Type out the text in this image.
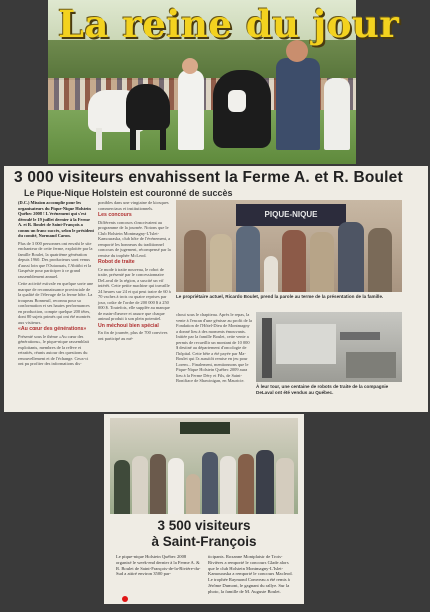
La reine du jour
3 000 visiteurs envahissent la Ferme A. et R. Boulet
Le Pique-Nique Holstein est couronné de succès

(D.C.) Mission accomplie pour les organisateurs du Pique-Nique Holstein Québec 2008 ! L'événement qui s'est déroulé le 19 juillet dernier à la Ferme A. et R. Boulet de Saint-François a connu un franc succès, selon le président du comité, Normand Caron.

Plus de 3 000 personnes ont envahi le site enchanteur de cette ferme, exploitée par la famille Boulet, la quatrième génération depuis 1960. Des producteurs sont venus d'aussi loin que l'Outaouais, l'Abitibi et la Gaspésie pour participer à ce grand rassemblement annuel.

Cette activité estivale en quelque sorte une marque de reconnaissance provinciale de la qualité de l'élevage de la ferme hôte. La troupeau Bonneuil, reconnu pour sa conformation et ses hautes performances en production, compte quelque 200 têtes, dont 80 sujets primés qui ont été montrés aux visiteurs.

«Au cœur des générations»

Présenté sous le thème «Au cœur des générations», le pique-nique rassemblait exploitants, membres de la relève et retraités, réunis autour des questions du renouvellement et de l'échange. Ceux-ci ont pu profiter des informations dis-

ponibles dans une vingtaine de kiosques commerciaux et institutionnels.

Les concours

Différents concours s'inscrivaient au programme de la journée. Notons que le Club Holstein Montmagny-L'Islet-Kamouraska, club hôte de l'événement, a remporté les honneurs du traditionnel concours de jugement, récompensé par la remise du trophée McLeod.

Robot de traite

Ce mode à traite nouveau, le robot de traite, présenté par le concessionnaire DeLaval de la région, a suscité un vif intérêt. Cette petite machine qui travaille 24 heures sur 24 et qui peut traire de 60 à 70 vaches à trois ou quatre reprises par jour, coûte de l'ordre de 200 000 $ à 250 000 $. Toutefois, elle supplée au manque de main-d'œuvre et assure que chaque animal produit à son plein potentiel.

Un méchoui bien spécial

En fin de journée, plus de 700 convives ont participé au mé-

PIQUE-NIQUE
Le propriétaire actuel, Ricardo Boulet, prend la parole au terme de la présentation de la famille.

choui sous le chapiteau. Après le repas, la vente à l'encan d'une génisse au profit de la Fondation de l'Hôtel-Dieu de Montmagny a donné lieu à des moments émouvants. Initiée par la famille Boulet, cette vente a permis de recueillir un montant de 10 000 $ destiné au département d'oncologie de l'hôpital. Cette bête a été payée par Ma-Boulet qui l'a aussitôt remise en jeu pour Lorem... Finalement, mentionnons que le Pique-Nique Holstein Québec 2009 aura lieu à la Ferme Déry et Fils, de Saint-Bonifiace de Shawinigan, en Mauricie.

À leur tour, une centaine de robots de traite de la compagnie DeLaval ont été vendus au Québec.
3 500 visiteurs
à Saint-François

Le pique-nique Holstein Québec 2008 organisé le week-end dernier à la Ferme A. & R. Boulet de Saint-François-de-la-Rivière-du-Sud a attiré environ 3500 par-

ticipants. Roxanne Montplaisir de Trois-Rivières a remporté le concours Glade alors que le club Holstein Montmagny-L'Islet-Kamouraska a remporté le concours Macleod. Le trophée Raymond Comveau a été remis à Jérôme Dumont, le gagnant du rallye. Sur la photo, la famille de M. Auguste Boulet.
